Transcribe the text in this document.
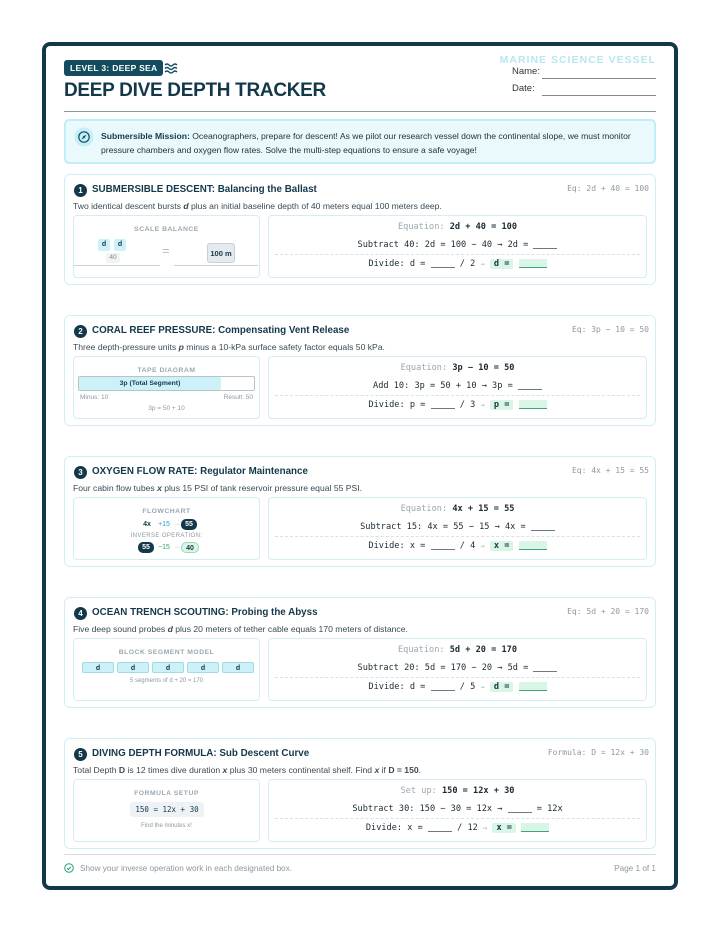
MARINE SCIENCE VESSEL
LEVEL 3: DEEP SEA
DEEP DIVE DEPTH TRACKER
Name:
Date:
Submersible Mission: Oceanographers, prepare for descent! As we pilot our research vessel down the continental slope, we must monitor pressure chambers and oxygen flow rates. Solve the multi-step equations to ensure a safe voyage!
1 SUBMERSIBLE DESCENT: Balancing the Ballast	Eq: 2d + 40 = 100
Two identical descent bursts d plus an initial baseline depth of 40 meters equal 100 meters deep.
SCALE BALANCE
d	d
40	=	100 m
Equation: 2d + 40 = 100
Subtract 40: 2d = 100 − 40 → 2d =
Divide: d =	/ 2 → d =
2 CORAL REEF PRESSURE: Compensating Vent Release	Eq: 3p − 10 = 50
Three depth-pressure units p minus a 10-kPa surface safety factor equals 50 kPa.
TAPE DIAGRAM
3p (Total Segment)
Minus: 10	Result: 50
3p = 50 + 10
Equation: 3p − 10 = 50
Add 10: 3p = 50 + 10 → 3p =
Divide: p =	/ 3 → p =
3 OXYGEN FLOW RATE: Regulator Maintenance	Eq: 4x + 15 = 55
Four cabin flow tubes x plus 15 PSI of tank reservoir pressure equal 55 PSI.
FLOWCHART
4x	+15 → 55
INVERSE OPERATION:
55	−15 → 40
Equation: 4x + 15 = 55
Subtract 15: 4x = 55 − 15 → 4x =
Divide: x =	/ 4 → x =
4 OCEAN TRENCH SCOUTING: Probing the Abyss	Eq: 5d + 20 = 170
Five deep sound probes d plus 20 meters of tether cable equals 170 meters of distance.
BLOCK SEGMENT MODEL
d	d	d	d	d
5 segments of d + 20 = 170
Equation: 5d + 20 = 170
Subtract 20: 5d = 170 − 20 → 5d =
Divide: d =	/ 5 → d =
5 DIVING DEPTH FORMULA: Sub Descent Curve	Formula: D = 12x + 30
Total Depth D is 12 times dive duration x plus 30 meters continental shelf. Find x if D = 150.
FORMULA SETUP
150 = 12x + 30
Find the minutes x!
Set up: 150 = 12x + 30
Subtract 30: 150 − 30 = 12x →	= 12x
Divide: x =	/ 12 → x =
Show your inverse operation work in each designated box.	Page 1 of 1
